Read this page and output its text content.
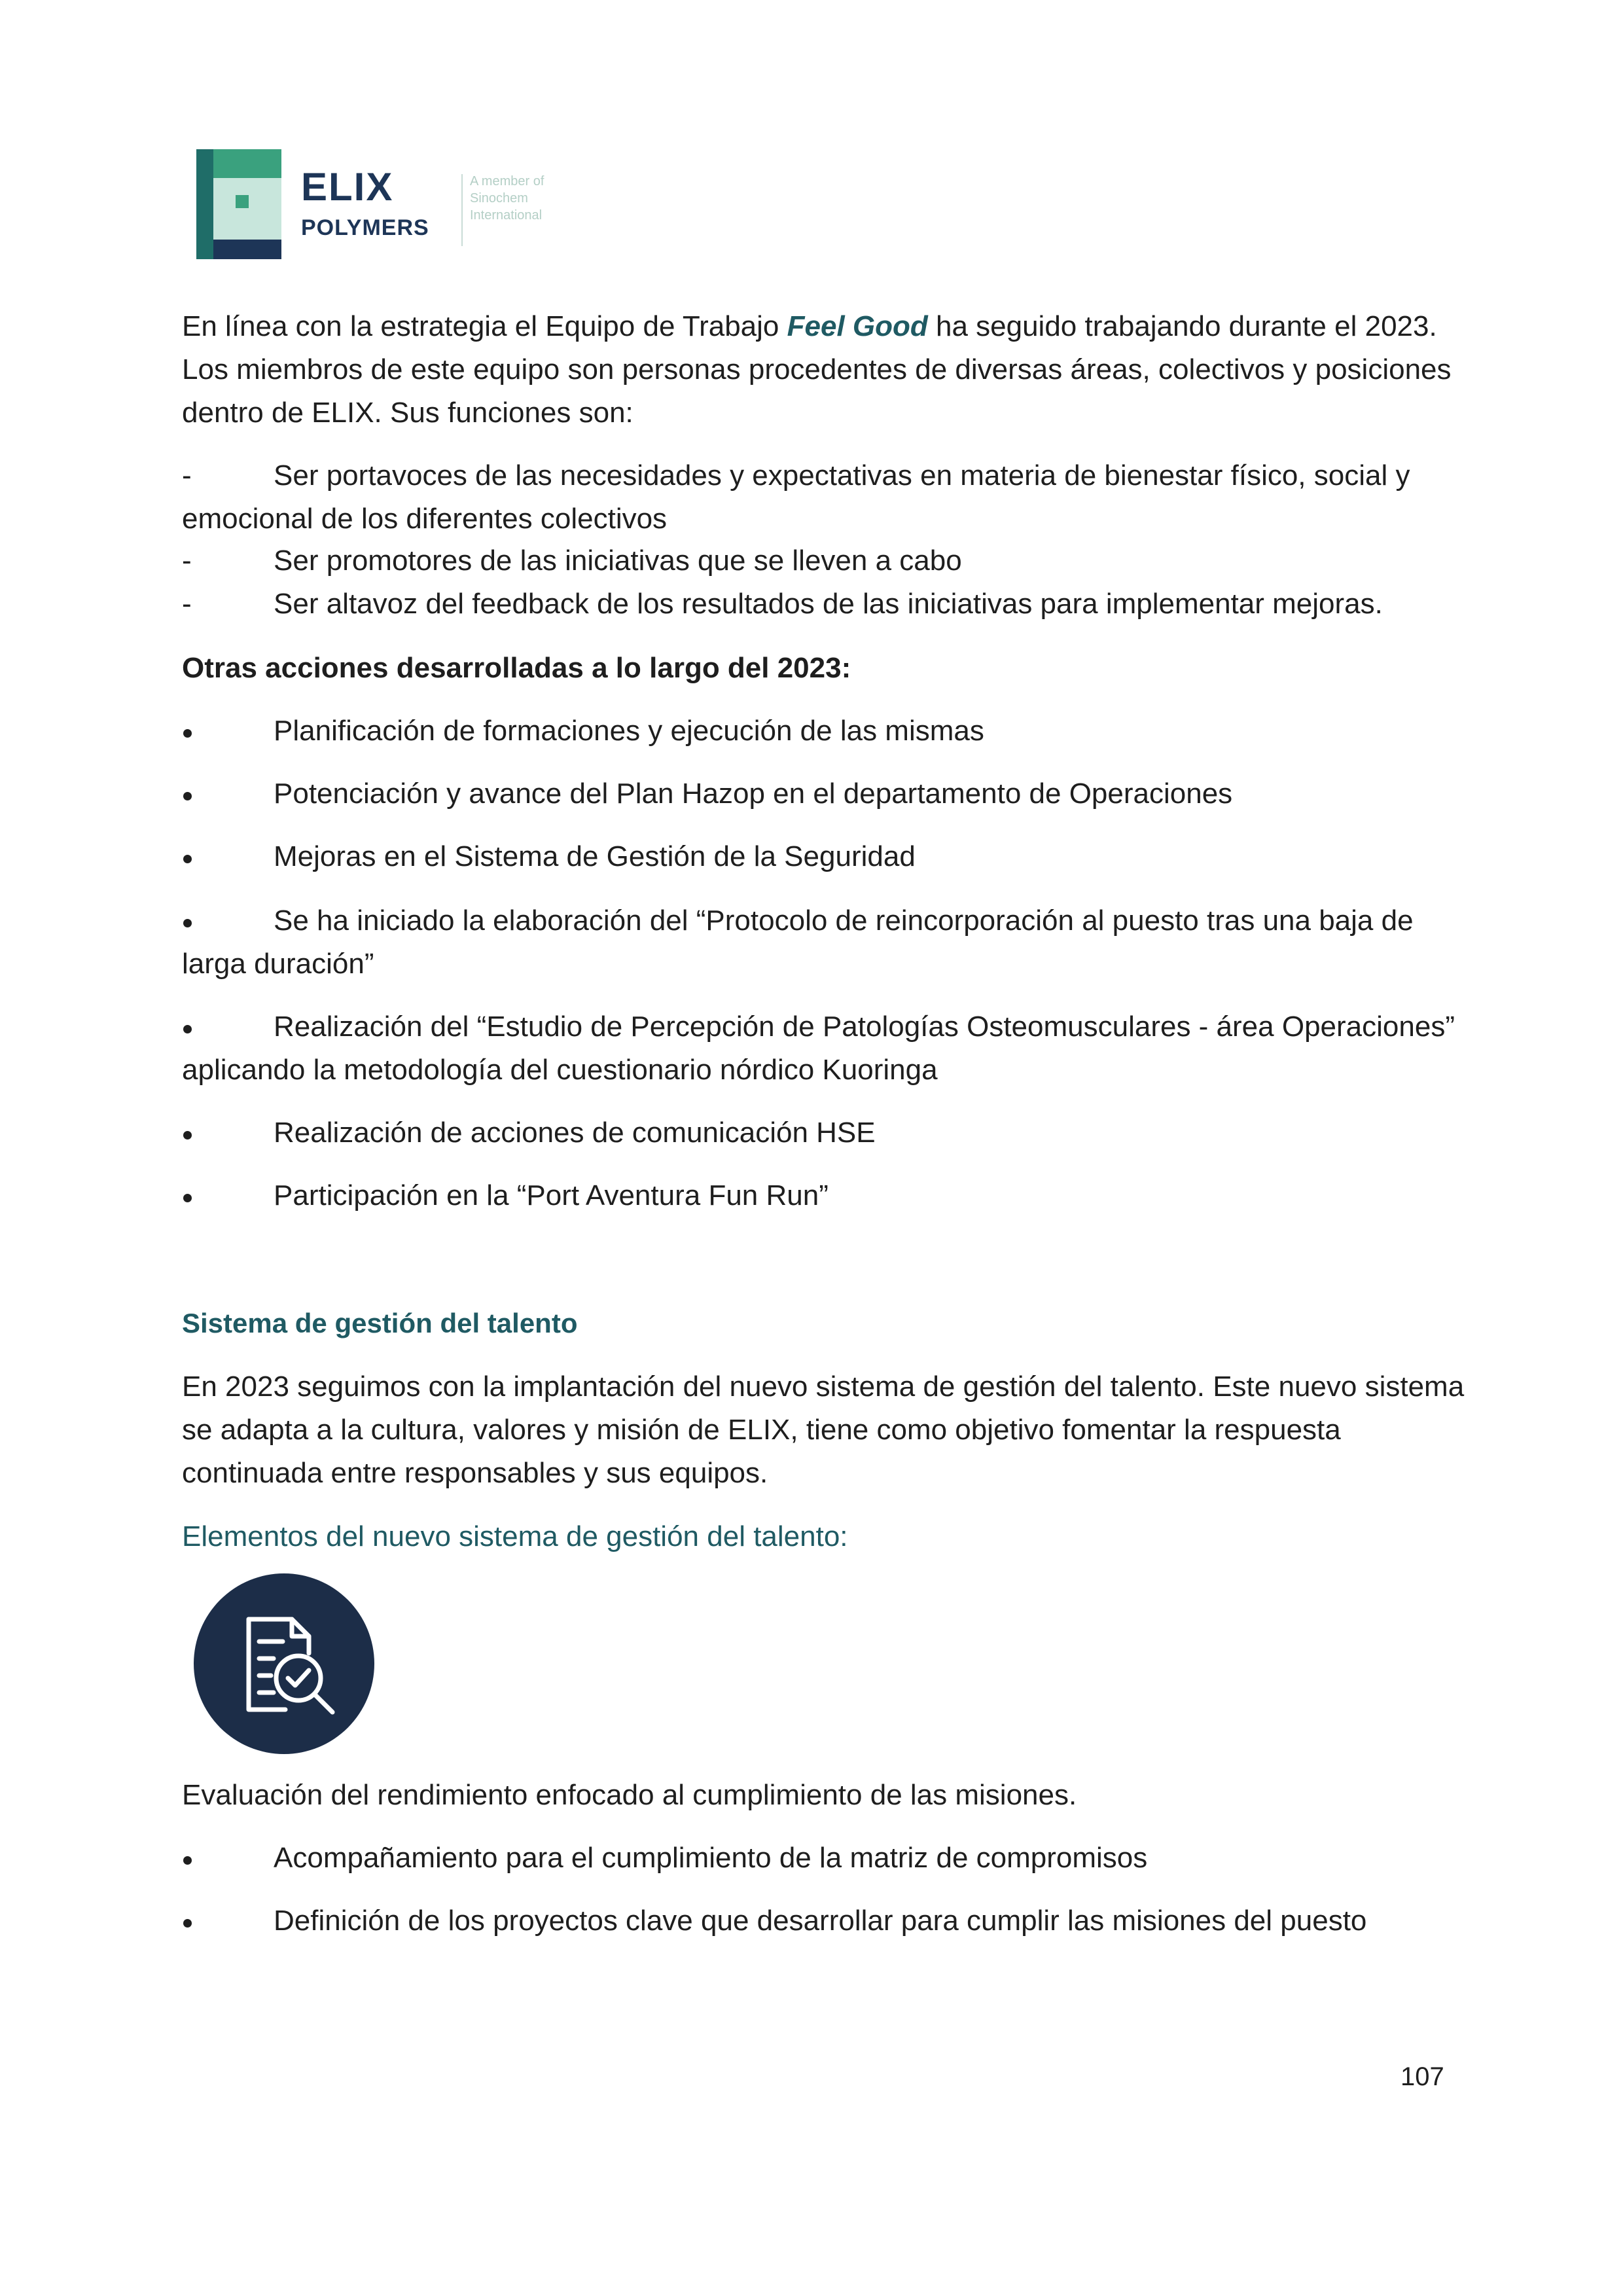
ELIX
POLYMERS
A member of
Sinochem
International

En línea con la estrategia el Equipo de Trabajo Feel Good ha seguido trabajando durante el 2023. Los miembros de este equipo son personas procedentes de diversas áreas, colectivos y posiciones dentro de ELIX. Sus funciones son:

-	Ser portavoces de las necesidades y expectativas en materia de bienestar físico, social y emocional de los diferentes colectivos
-	Ser promotores de las iniciativas que se lleven a cabo
-	Ser altavoz del feedback de los resultados de las iniciativas para implementar mejoras.

Otras acciones desarrolladas a lo largo del 2023:

Planificación de formaciones y ejecución de las mismas
Potenciación y avance del Plan Hazop en el departamento de Operaciones
Mejoras en el Sistema de Gestión de la Seguridad
Se ha iniciado la elaboración del “Protocolo de reincorporación al puesto tras una baja de larga duración”
Realización del “Estudio de Percepción de Patologías Osteomusculares - área Operaciones” aplicando la metodología del cuestionario nórdico Kuoringa
Realización de acciones de comunicación HSE
Participación en la “Port Aventura Fun Run”
Sistema de gestión del talento

En 2023 seguimos con la implantación del nuevo sistema de gestión del talento. Este nuevo sistema se adapta a la cultura, valores y misión de ELIX, tiene como objetivo fomentar la respuesta continuada entre responsables y sus equipos.

Elementos del nuevo sistema de gestión del talento:

Evaluación del rendimiento enfocado al cumplimiento de las misiones.

Acompañamiento para el cumplimiento de la matriz de compromisos
Definición de los proyectos clave que desarrollar para cumplir las misiones del puesto
107
